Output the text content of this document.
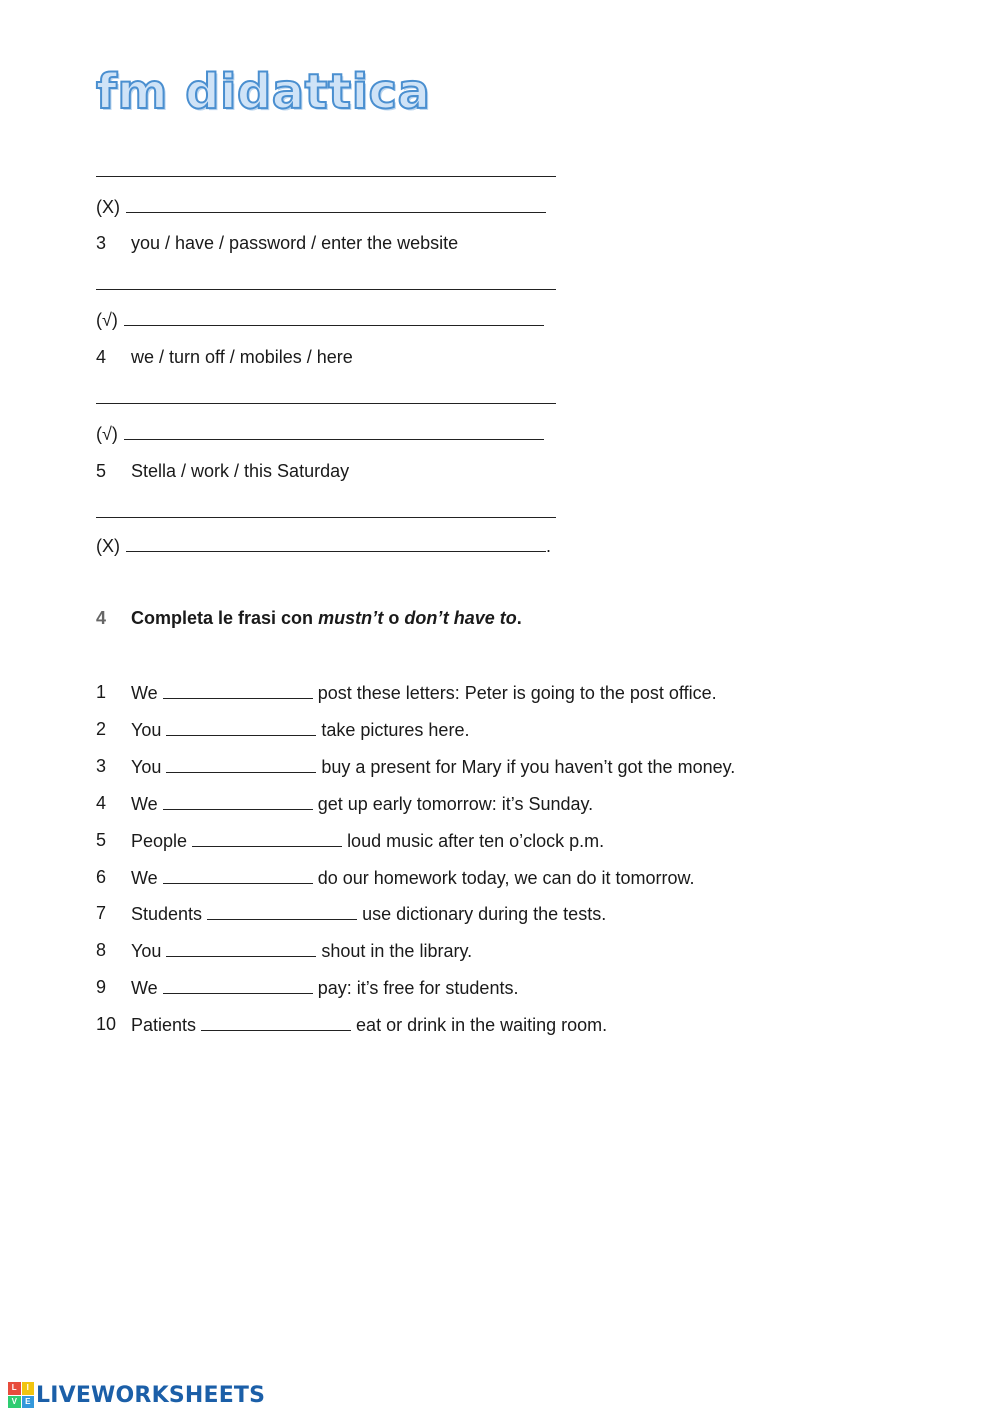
fm didattica
(X)
3 you / have / password / enter the website
(√)
4 we / turn off / mobiles / here
(√)
5 Stella / work / this Saturday
(X)	.
4 Completa le frasi con mustn’t o don’t have to.
1 We	post these letters: Peter is going to the post office.
2 You	take pictures here.
3 You	buy a present for Mary if you haven’t got the money.
4 We	get up early tomorrow: it’s Sunday.
5 People	loud music after ten o’clock p.m.
6 We	do our homework today, we can do it tomorrow.
7 Students	use dictionary during the tests.
8 You	shout in the library.
9 We	pay: it’s free for students.
10 Patients	eat or drink in the waiting room.
L	I
V	E LIVEWORKSHEETS
